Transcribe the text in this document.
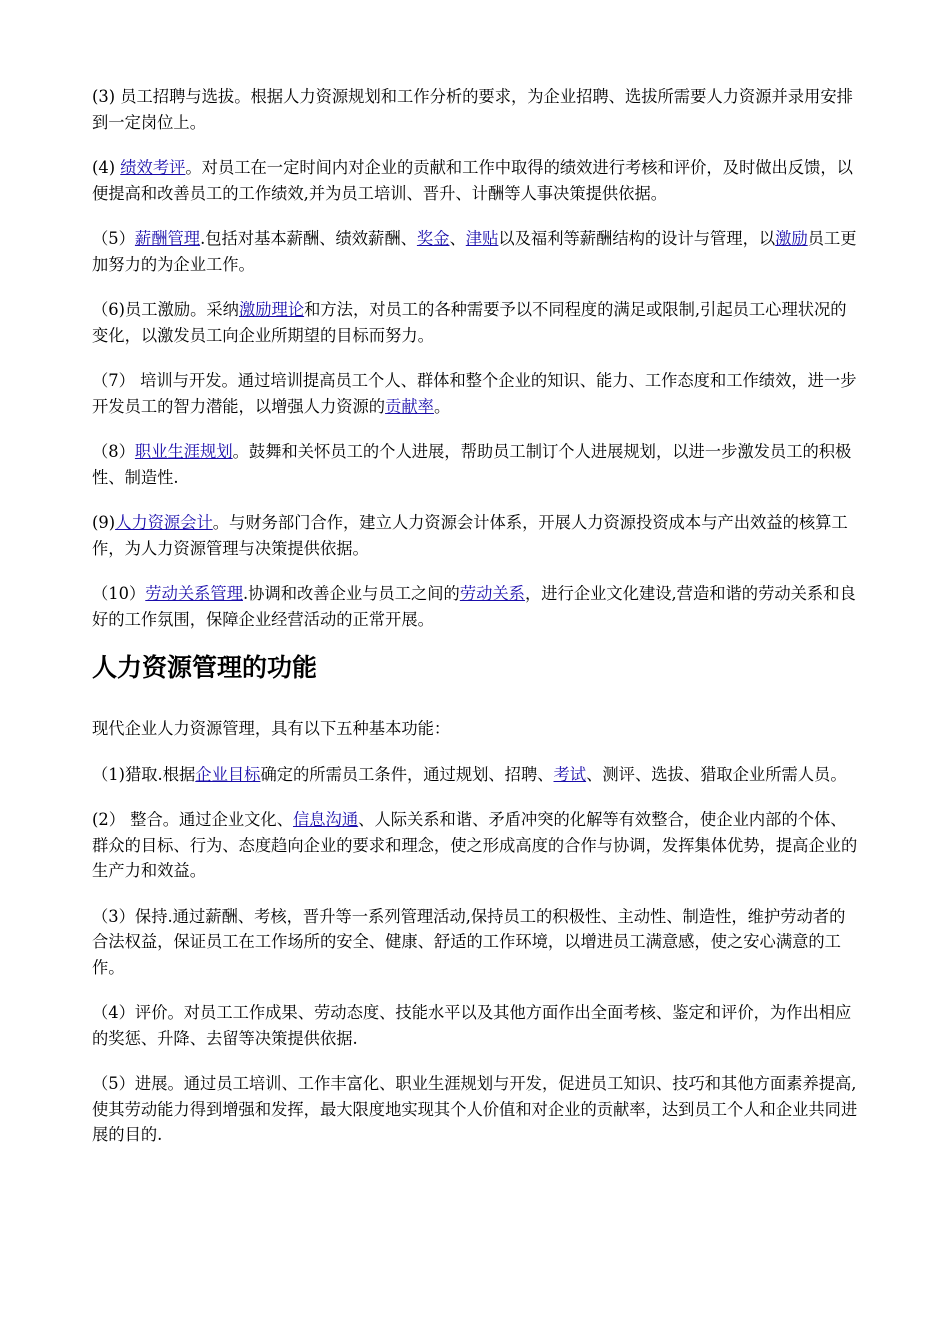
(3) 员工招聘与选拔。根据人力资源规划和工作分析的要求，为企业招聘、选拔所需要人力资源并录用安排到一定岗位上。

(4) 绩效考评。对员工在一定时间内对企业的贡献和工作中取得的绩效进行考核和评价，及时做出反馈，以便提高和改善员工的工作绩效,并为员工培训、晋升、计酬等人事决策提供依据。

（5）薪酬管理.包括对基本薪酬、绩效薪酬、奖金、津贴以及福利等薪酬结构的设计与管理，以激励员工更加努力的为企业工作。

（6)员工激励。采纳激励理论和方法，对员工的各种需要予以不同程度的满足或限制,引起员工心理状况的变化，以激发员工向企业所期望的目标而努力。

（7） 培训与开发。通过培训提高员工个人、群体和整个企业的知识、能力、工作态度和工作绩效，进一步开发员工的智力潜能，以增强人力资源的贡献率。

（8）职业生涯规划。鼓舞和关怀员工的个人进展，帮助员工制订个人进展规划，以进一步激发员工的积极性、制造性.

(9)人力资源会计。与财务部门合作，建立人力资源会计体系，开展人力资源投资成本与产出效益的核算工作，为人力资源管理与决策提供依据。

（10）劳动关系管理.协调和改善企业与员工之间的劳动关系，进行企业文化建设,营造和谐的劳动关系和良好的工作氛围，保障企业经营活动的正常开展。

人力资源管理的功能

现代企业人力资源管理，具有以下五种基本功能：

（1)猎取.根据企业目标确定的所需员工条件，通过规划、招聘、考试、测评、选拔、猎取企业所需人员。

(2） 整合。通过企业文化、信息沟通、人际关系和谐、矛盾冲突的化解等有效整合，使企业内部的个体、群众的目标、行为、态度趋向企业的要求和理念，使之形成高度的合作与协调，发挥集体优势，提高企业的生产力和效益。

（3）保持.通过薪酬、考核，晋升等一系列管理活动,保持员工的积极性、主动性、制造性，维护劳动者的合法权益，保证员工在工作场所的安全、健康、舒适的工作环境，以增进员工满意感，使之安心满意的工作。

（4）评价。对员工工作成果、劳动态度、技能水平以及其他方面作出全面考核、鉴定和评价，为作出相应的奖惩、升降、去留等决策提供依据.

（5）进展。通过员工培训、工作丰富化、职业生涯规划与开发，促进员工知识、技巧和其他方面素养提高,使其劳动能力得到增强和发挥，最大限度地实现其个人价值和对企业的贡献率，达到员工个人和企业共同进展的目的.
